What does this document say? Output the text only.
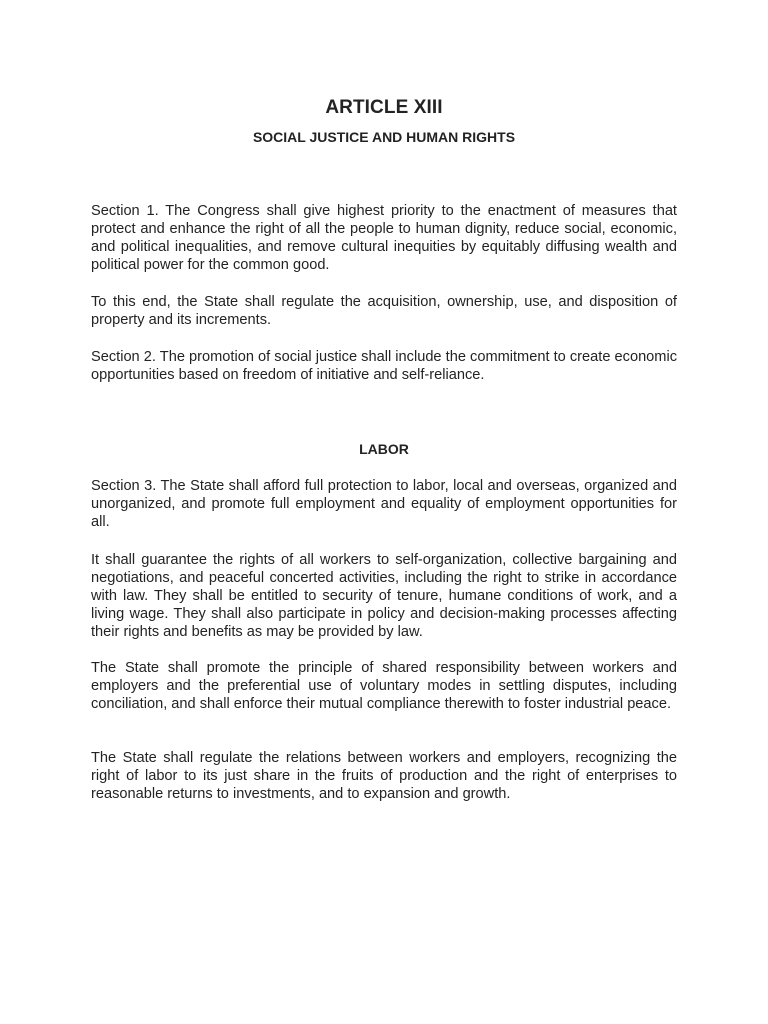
ARTICLE XIII
SOCIAL JUSTICE AND HUMAN RIGHTS

Section 1. The Congress shall give highest priority to the enactment of measures that protect and enhance the right of all the people to human dignity, reduce social, economic, and political inequalities, and remove cultural inequities by equitably diffusing wealth and political power for the common good.

To this end, the State shall regulate the acquisition, ownership, use, and disposition of property and its increments.

Section 2. The promotion of social justice shall include the commitment to create economic opportunities based on freedom of initiative and self-reliance.

LABOR

Section 3. The State shall afford full protection to labor, local and overseas, organized and unorganized, and promote full employment and equality of employment opportunities for all.

It shall guarantee the rights of all workers to self-organization, collective bargaining and negotiations, and peaceful concerted activities, including the right to strike in accordance with law. They shall be entitled to security of tenure, humane conditions of work, and a living wage. They shall also participate in policy and decision-making processes affecting their rights and benefits as may be provided by law.

The State shall promote the principle of shared responsibility between workers and employers and the preferential use of voluntary modes in settling disputes, including conciliation, and shall enforce their mutual compliance therewith to foster industrial peace.

The State shall regulate the relations between workers and employers, recognizing the right of labor to its just share in the fruits of production and the right of enterprises to reasonable returns to investments, and to expansion and growth.
